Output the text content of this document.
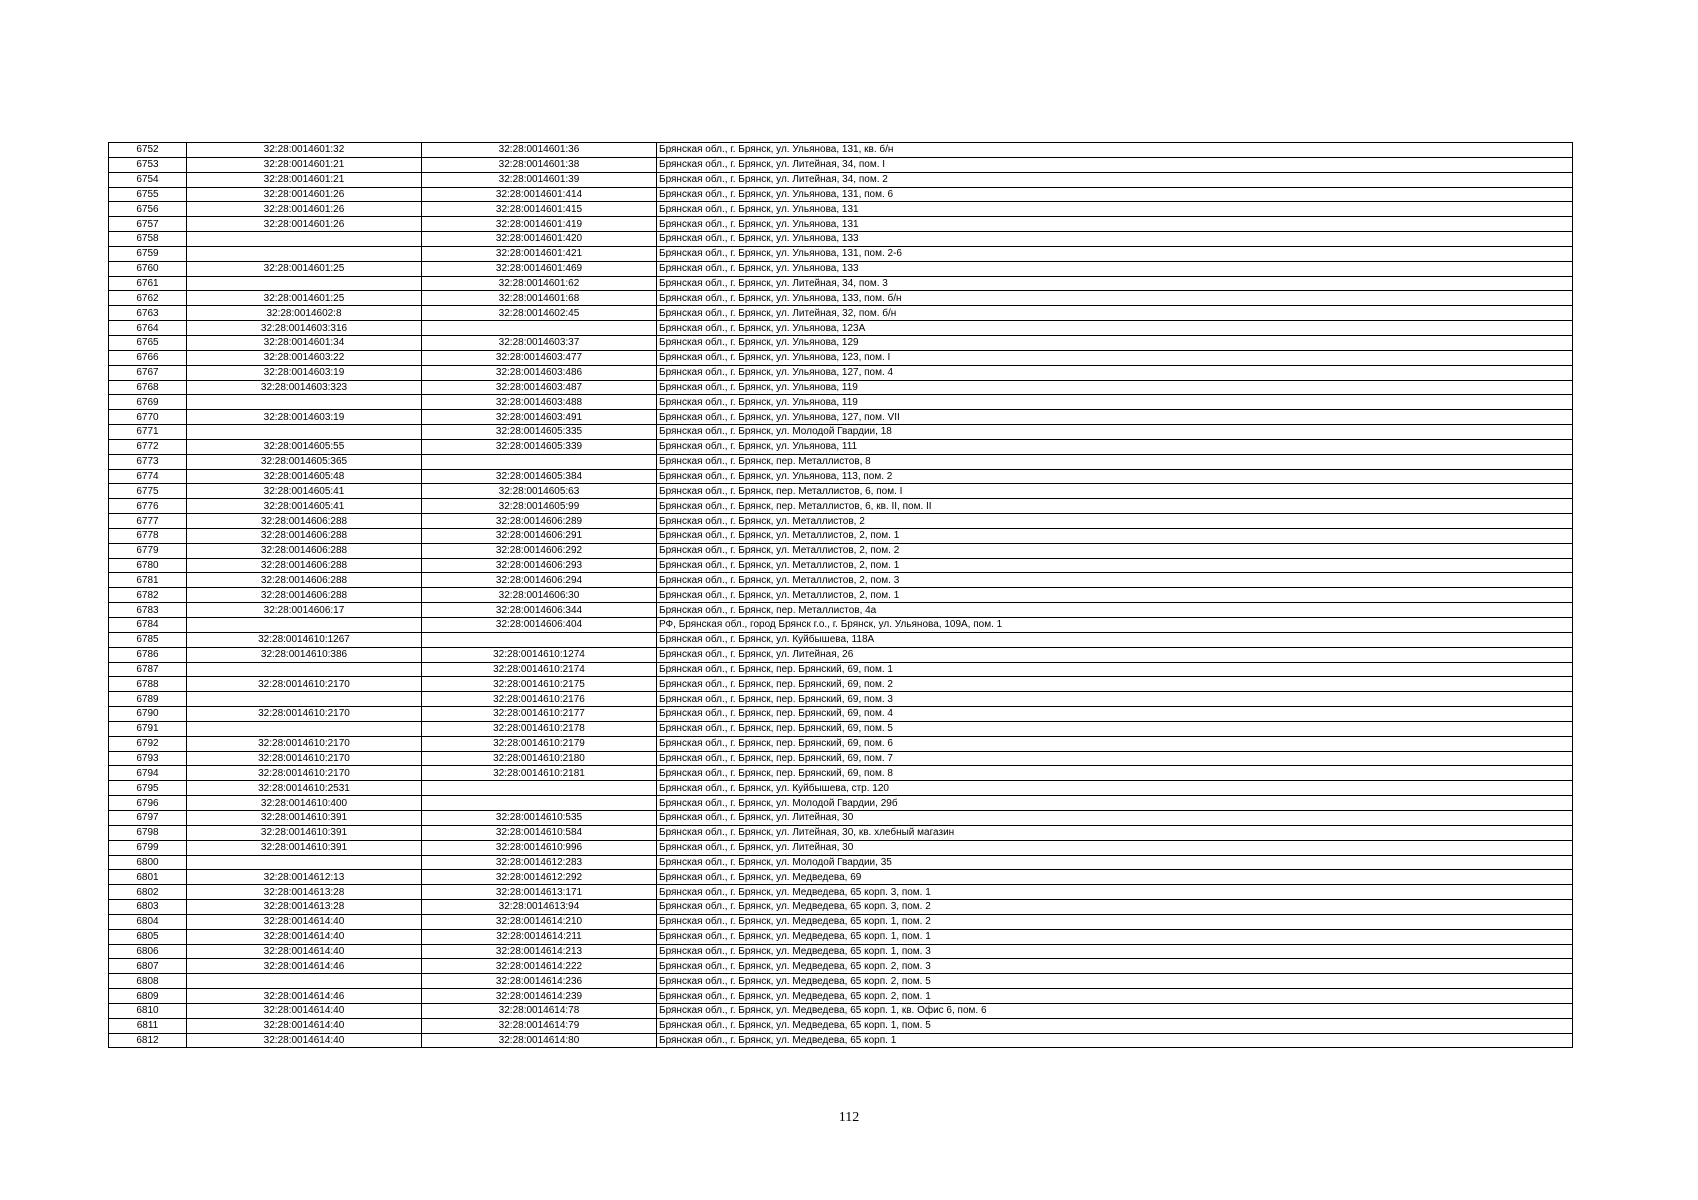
6752	32:28:0014601:32	32:28:0014601:36	Брянская обл., г. Брянск, ул. Ульянова, 131, кв. б/н
6753	32:28:0014601:21	32:28:0014601:38	Брянская обл., г. Брянск, ул. Литейная, 34, пом. I
6754	32:28:0014601:21	32:28:0014601:39	Брянская обл., г. Брянск, ул. Литейная, 34, пом. 2
6755	32:28:0014601:26	32:28:0014601:414	Брянская обл., г. Брянск, ул. Ульянова, 131, пом. 6
6756	32:28:0014601:26	32:28:0014601:415	Брянская обл., г. Брянск, ул. Ульянова, 131
6757	32:28:0014601:26	32:28:0014601:419	Брянская обл., г. Брянск, ул. Ульянова, 131
6758		32:28:0014601:420	Брянская обл., г. Брянск, ул. Ульянова, 133
6759		32:28:0014601:421	Брянская обл., г. Брянск, ул. Ульянова, 131, пом. 2-6
6760	32:28:0014601:25	32:28:0014601:469	Брянская обл., г. Брянск, ул. Ульянова, 133
6761		32:28:0014601:62	Брянская обл., г. Брянск, ул. Литейная, 34, пом. 3
6762	32:28:0014601:25	32:28:0014601:68	Брянская обл., г. Брянск, ул. Ульянова, 133, пом. б/н
6763	32:28:0014602:8	32:28:0014602:45	Брянская обл., г. Брянск, ул. Литейная, 32, пом. б/н
6764	32:28:0014603:316		Брянская обл., г. Брянск, ул. Ульянова, 123А
6765	32:28:0014601:34	32:28:0014603:37	Брянская обл., г. Брянск, ул. Ульянова, 129
6766	32:28:0014603:22	32:28:0014603:477	Брянская обл., г. Брянск, ул. Ульянова, 123, пом. I
6767	32:28:0014603:19	32:28:0014603:486	Брянская обл., г. Брянск, ул. Ульянова, 127, пом. 4
6768	32:28:0014603:323	32:28:0014603:487	Брянская обл., г. Брянск, ул. Ульянова, 119
6769		32:28:0014603:488	Брянская обл., г. Брянск, ул. Ульянова, 119
6770	32:28:0014603:19	32:28:0014603:491	Брянская обл., г. Брянск, ул. Ульянова, 127, пом. VII
6771		32:28:0014605:335	Брянская обл., г. Брянск, ул. Молодой Гвардии, 18
6772	32:28:0014605:55	32:28:0014605:339	Брянская обл., г. Брянск, ул. Ульянова, 111
6773	32:28:0014605:365		Брянская обл., г. Брянск, пер. Металлистов, 8
6774	32:28:0014605:48	32:28:0014605:384	Брянская обл., г. Брянск, ул. Ульянова, 113, пом. 2
6775	32:28:0014605:41	32:28:0014605:63	Брянская обл., г. Брянск, пер. Металлистов, 6, пом. I
6776	32:28:0014605:41	32:28:0014605:99	Брянская обл., г. Брянск, пер. Металлистов, 6, кв. II, пом. II
6777	32:28:0014606:288	32:28:0014606:289	Брянская обл., г. Брянск, ул. Металлистов, 2
6778	32:28:0014606:288	32:28:0014606:291	Брянская обл., г. Брянск, ул. Металлистов, 2, пом. 1
6779	32:28:0014606:288	32:28:0014606:292	Брянская обл., г. Брянск, ул. Металлистов, 2, пом. 2
6780	32:28:0014606:288	32:28:0014606:293	Брянская обл., г. Брянск, ул. Металлистов, 2, пом. 1
6781	32:28:0014606:288	32:28:0014606:294	Брянская обл., г. Брянск, ул. Металлистов, 2, пом. 3
6782	32:28:0014606:288	32:28:0014606:30	Брянская обл., г. Брянск, ул. Металлистов, 2, пом. 1
6783	32:28:0014606:17	32:28:0014606:344	Брянская обл., г. Брянск, пер. Металлистов, 4а
6784		32:28:0014606:404	РФ, Брянская обл., город Брянск г.о., г. Брянск, ул. Ульянова, 109А, пом. 1
6785	32:28:0014610:1267		Брянская обл., г. Брянск, ул. Куйбышева, 118А
6786	32:28:0014610:386	32:28:0014610:1274	Брянская обл., г. Брянск, ул. Литейная, 26
6787		32:28:0014610:2174	Брянская обл., г. Брянск, пер. Брянский, 69, пом. 1
6788	32:28:0014610:2170	32:28:0014610:2175	Брянская обл., г. Брянск, пер. Брянский, 69, пом. 2
6789		32:28:0014610:2176	Брянская обл., г. Брянск, пер. Брянский, 69, пом. 3
6790	32:28:0014610:2170	32:28:0014610:2177	Брянская обл., г. Брянск, пер. Брянский, 69, пом. 4
6791		32:28:0014610:2178	Брянская обл., г. Брянск, пер. Брянский, 69, пом. 5
6792	32:28:0014610:2170	32:28:0014610:2179	Брянская обл., г. Брянск, пер. Брянский, 69, пом. 6
6793	32:28:0014610:2170	32:28:0014610:2180	Брянская обл., г. Брянск, пер. Брянский, 69, пом. 7
6794	32:28:0014610:2170	32:28:0014610:2181	Брянская обл., г. Брянск, пер. Брянский, 69, пом. 8
6795	32:28:0014610:2531		Брянская обл., г. Брянск, ул. Куйбышева, стр. 120
6796	32:28:0014610:400		Брянская обл., г. Брянск, ул. Молодой Гвардии, 29б
6797	32:28:0014610:391	32:28:0014610:535	Брянская обл., г. Брянск, ул. Литейная, 30
6798	32:28:0014610:391	32:28:0014610:584	Брянская обл., г. Брянск, ул. Литейная, 30, кв. хлебный магазин
6799	32:28:0014610:391	32:28:0014610:996	Брянская обл., г. Брянск, ул. Литейная, 30
6800		32:28:0014612:283	Брянская обл., г. Брянск, ул. Молодой Гвардии, 35
6801	32:28:0014612:13	32:28:0014612:292	Брянская обл., г. Брянск, ул. Медведева, 69
6802	32:28:0014613:28	32:28:0014613:171	Брянская обл., г. Брянск, ул. Медведева, 65 корп. 3, пом. 1
6803	32:28:0014613:28	32:28:0014613:94	Брянская обл., г. Брянск, ул. Медведева, 65 корп. 3, пом. 2
6804	32:28:0014614:40	32:28:0014614:210	Брянская обл., г. Брянск, ул. Медведева, 65 корп. 1, пом. 2
6805	32:28:0014614:40	32:28:0014614:211	Брянская обл., г. Брянск, ул. Медведева, 65 корп. 1, пом. 1
6806	32:28:0014614:40	32:28:0014614:213	Брянская обл., г. Брянск, ул. Медведева, 65 корп. 1, пом. 3
6807	32:28:0014614:46	32:28:0014614:222	Брянская обл., г. Брянск, ул. Медведева, 65 корп. 2, пом. 3
6808		32:28:0014614:236	Брянская обл., г. Брянск, ул. Медведева, 65 корп. 2, пом. 5
6809	32:28:0014614:46	32:28:0014614:239	Брянская обл., г. Брянск, ул. Медведева, 65 корп. 2, пом. 1
6810	32:28:0014614:40	32:28:0014614:78	Брянская обл., г. Брянск, ул. Медведева, 65 корп. 1, кв. Офис 6, пом. 6
6811	32:28:0014614:40	32:28:0014614:79	Брянская обл., г. Брянск, ул. Медведева, 65 корп. 1, пом. 5
6812	32:28:0014614:40	32:28:0014614:80	Брянская обл., г. Брянск, ул. Медведева, 65 корп. 1
112
